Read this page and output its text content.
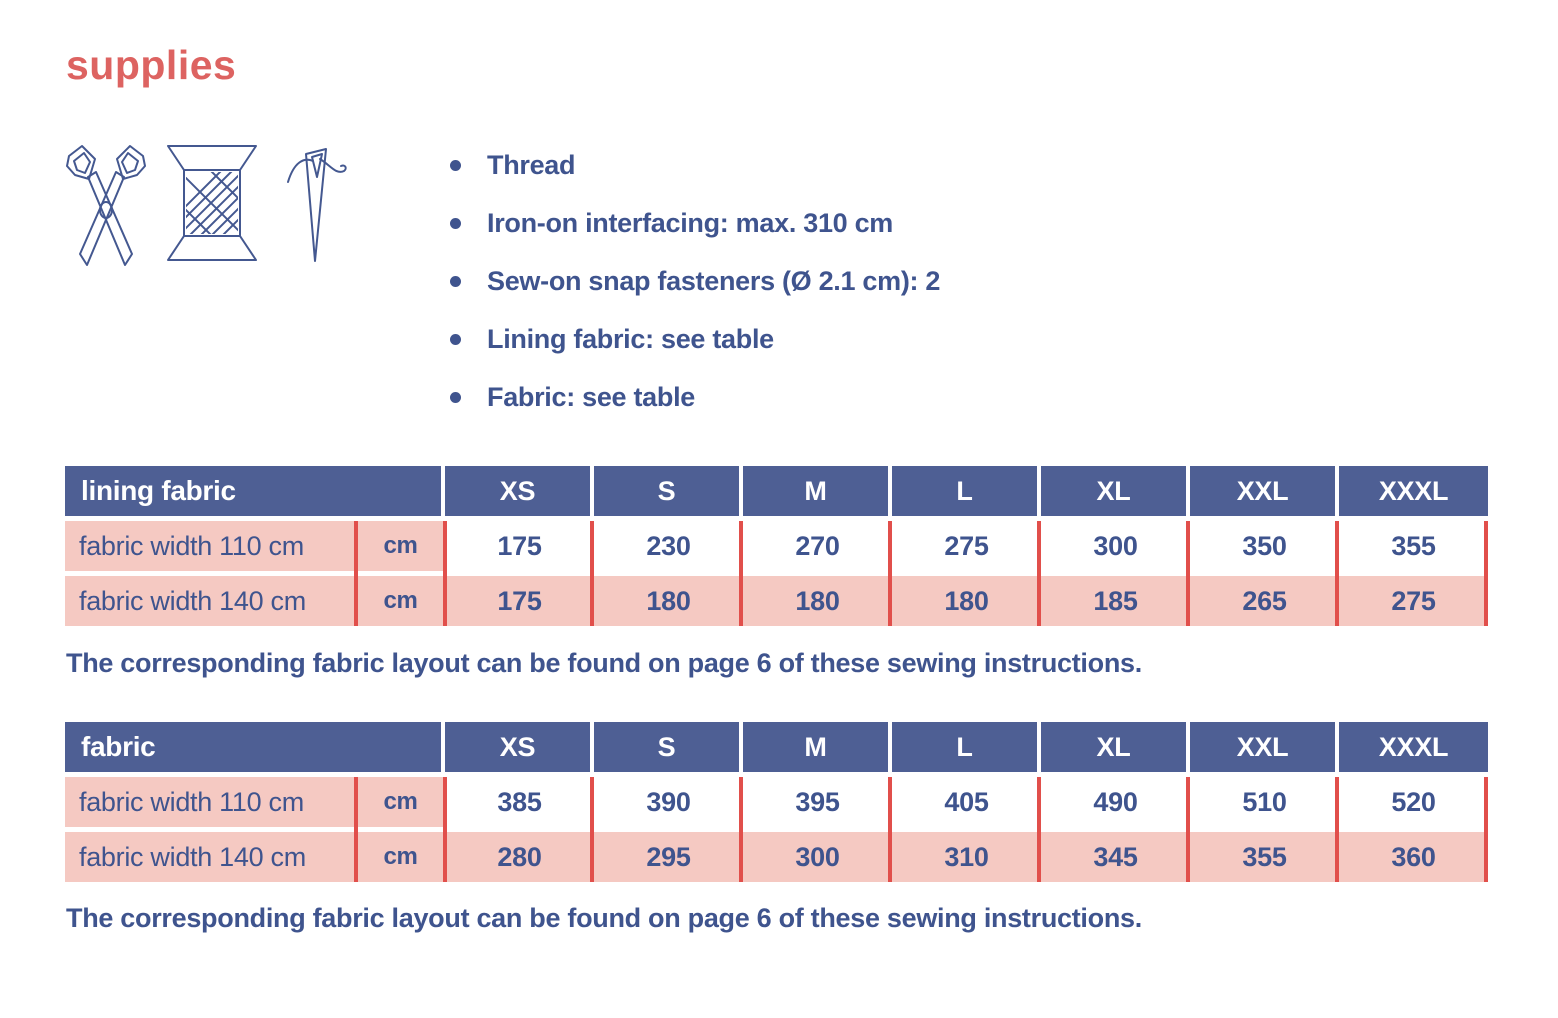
supplies
Thread
Iron-on interfacing: max. 310 cm
Sew-on snap fasteners (Ø 2.1 cm): 2
Lining fabric: see table
Fabric: see table
lining fabric	XS	S	M	L	XL	XXL	XXXL
fabric width 110 cm	cm	175	230	270	275	300	350	355
fabric width 140 cm	cm	175	180	180	180	185	265	275
The corresponding fabric layout can be found on page 6 of these sewing instructions.
fabric	XS	S	M	L	XL	XXL	XXXL
fabric width 110 cm	cm	385	390	395	405	490	510	520
fabric width 140 cm	cm	280	295	300	310	345	355	360
The corresponding fabric layout can be found on page 6 of these sewing instructions.
